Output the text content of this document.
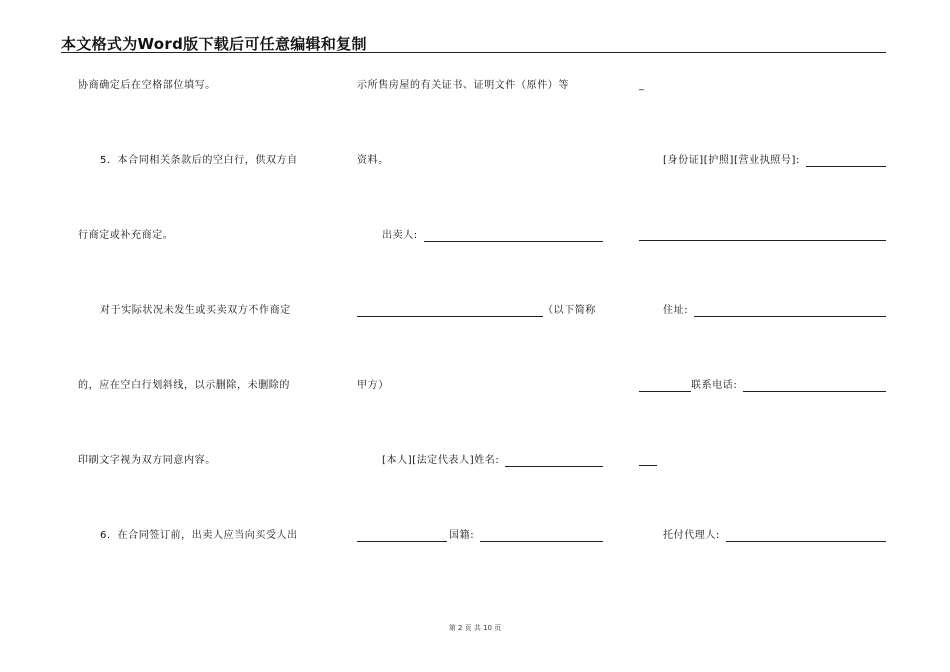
本文格式为Word版下载后可任意编辑和复制
协商确定后在空格部位填写。
5．本合同相关条款后的空白行，供双方自
行商定或补充商定。
对于实际状况未发生或买卖双方不作商定
的，应在空白行划斜线，以示删除，未删除的
印刷文字视为双方同意内容。
6．在合同签订前，出卖人应当向买受人出
示所售房屋的有关证书、证明文件（原件）等
资料。
出卖人:
（以下简称
甲方）
[本人][法定代表人]姓名:
国籍:
_
[身份证][护照][营业执照号]:
住址:
联系电话:
托付代理人:
第 2 页 共 10 页
